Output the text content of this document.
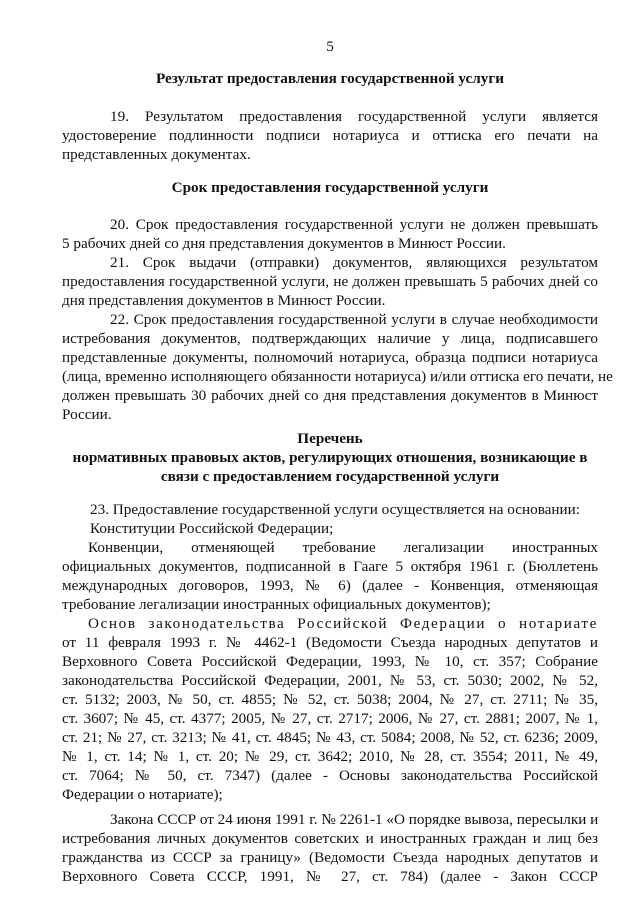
5
Результат предоставления государственной услуги
19. Результатом предоставления государственной услуги является
удостоверение подлинности подписи нотариуса и оттиска его печати на
представленных документах.
Срок предоставления государственной услуги
20. Срок предоставления государственной услуги не должен превышать
5 рабочих дней со дня представления документов в Минюст России.
21. Срок выдачи (отправки) документов, являющихся результатом
предоставления государственной услуги, не должен превышать 5 рабочих дней со
дня представления документов в Минюст России.
22. Срок предоставления государственной услуги в случае необходимости
истребования документов, подтверждающих наличие у лица, подписавшего
представленные документы, полномочий нотариуса, образца подписи нотариуса
(лица, временно исполняющего обязанности нотариуса) и/или оттиска его печати, не
должен превышать 30 рабочих дней со дня представления документов в Минюст
России.
Перечень
нормативных правовых актов, регулирующих отношения, возникающие в
связи с предоставлением государственной услуги
23. Предоставление государственной услуги осуществляется на основании:
Конституции Российской Федерации;
Конвенции, отменяющей требование легализации иностранных
официальных документов, подписанной в Гааге 5 октября 1961 г. (Бюллетень
международных договоров, 1993, № 6) (далее - Конвенция, отменяющая
требование легализации иностранных официальных документов);
Основ законодательства Российской Федерации о нотариате
от 11 февраля 1993 г. № 4462-1 (Ведомости Съезда народных депутатов и
Верховного Совета Российской Федерации, 1993, № 10, ст. 357; Собрание
законодательства Российской Федерации, 2001, № 53, ст. 5030; 2002, № 52,
ст. 5132; 2003, № 50, ст. 4855; № 52, ст. 5038; 2004, № 27, ст. 2711; № 35,
ст. 3607; № 45, ст. 4377; 2005, № 27, ст. 2717; 2006, № 27, ст. 2881; 2007, № 1,
ст. 21; № 27, ст. 3213; № 41, ст. 4845; № 43, ст. 5084; 2008, № 52, ст. 6236; 2009,
№ 1, ст. 14; № 1, ст. 20; № 29, ст. 3642; 2010, № 28, ст. 3554; 2011, № 49,
ст. 7064; № 50, ст. 7347) (далее - Основы законодательства Российской
Федерации о нотариате);
Закона СССР от 24 июня 1991 г. № 2261-1 «О порядке вывоза, пересылки и
истребования личных документов советских и иностранных граждан и лиц без
гражданства из СССР за границу» (Ведомости Съезда народных депутатов и
Верховного Совета СССР, 1991, № 27, ст. 784) (далее - Закон СССР
